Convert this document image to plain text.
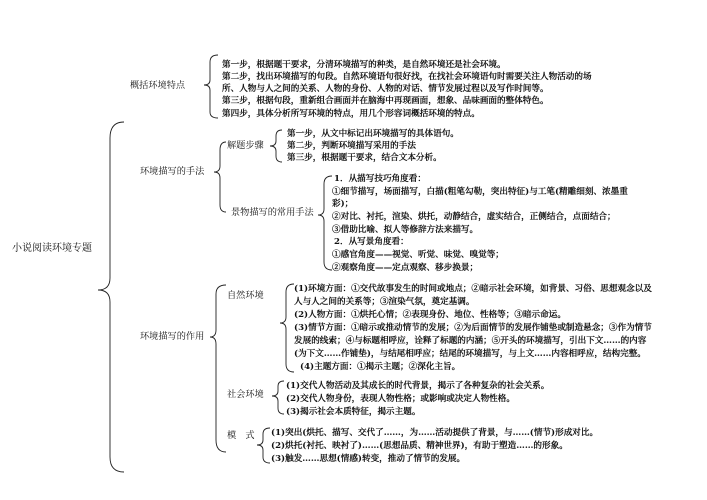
小说阅读环境专题
概括环境特点
第一步，根据题干要求，分清环境描写的种类，是自然环境还是社会环境。
第二步，找出环境描写的句段。自然环境语句很好找，在找社会环境语句时需要关注人物活动的场
所、人物与人之间的关系、人物的身份、人物的对话、情节发展过程以及写作时间等。
第三步，根据句段，重新组合画面并在脑海中再现画面，想象、品味画面的整体特色。
第四步，具体分析所写环境的特点，用几个形容词概括环境的特点。
环境描写的手法
解题步骤
第一步，从文中标记出环境描写的具体语句。
第二步，判断环境描写采用的手法
第三步，根据题干要求，结合文本分析。
景物描写的常用手法
1．从描写技巧角度看：
①细节描写，场面描写，白描(粗笔勾勒，突出特征)与工笔(精雕细刻、浓墨重
彩)；
②对比、衬托，渲染、烘托，动静结合，虚实结合，正侧结合，点面结合；
③借助比喻、拟人等修辞方法来描写。
2．从写景角度看：
①感官角度——视觉、听觉、味觉、嗅觉等；
②观察角度——定点观察、移步换景；
环境描写的作用
自然环境
(1)环境方面：①交代故事发生的时间或地点；②暗示社会环境，如背景、习俗、思想观念以及
人与人之间的关系等；③渲染气氛，奠定基调。
(2)人物方面：①烘托心情；②表现身份、地位、性格等；③暗示命运。
(3)情节方面：①暗示或推动情节的发展；②为后面情节的发展作铺垫或制造悬念；③作为情节
发展的线索；④与标题相呼应，诠释了标题的内涵；⑤开头的环境描写，引出下文……的内容
(为下文……作铺垫)，与结尾相呼应；结尾的环境描写，与上文……内容相呼应，结构完整。
(4)主题方面：①揭示主题；②深化主旨。
社会环境
(1)交代人物活动及其成长的时代背景，揭示了各种复杂的社会关系。
(2)交代人物身份，表现人物性格；或影响或决定人物性格。
(3)揭示社会本质特征，揭示主题。
模　式 (1)突出(烘托、描写、交代了……，为……活动提供了背景，与……(情节)形成对比。
(2)烘托(衬托、映衬了)……(思想品质、精神世界)，有助于塑造……的形象。
(3)触发……思想(情感)转变，推动了情节的发展。
